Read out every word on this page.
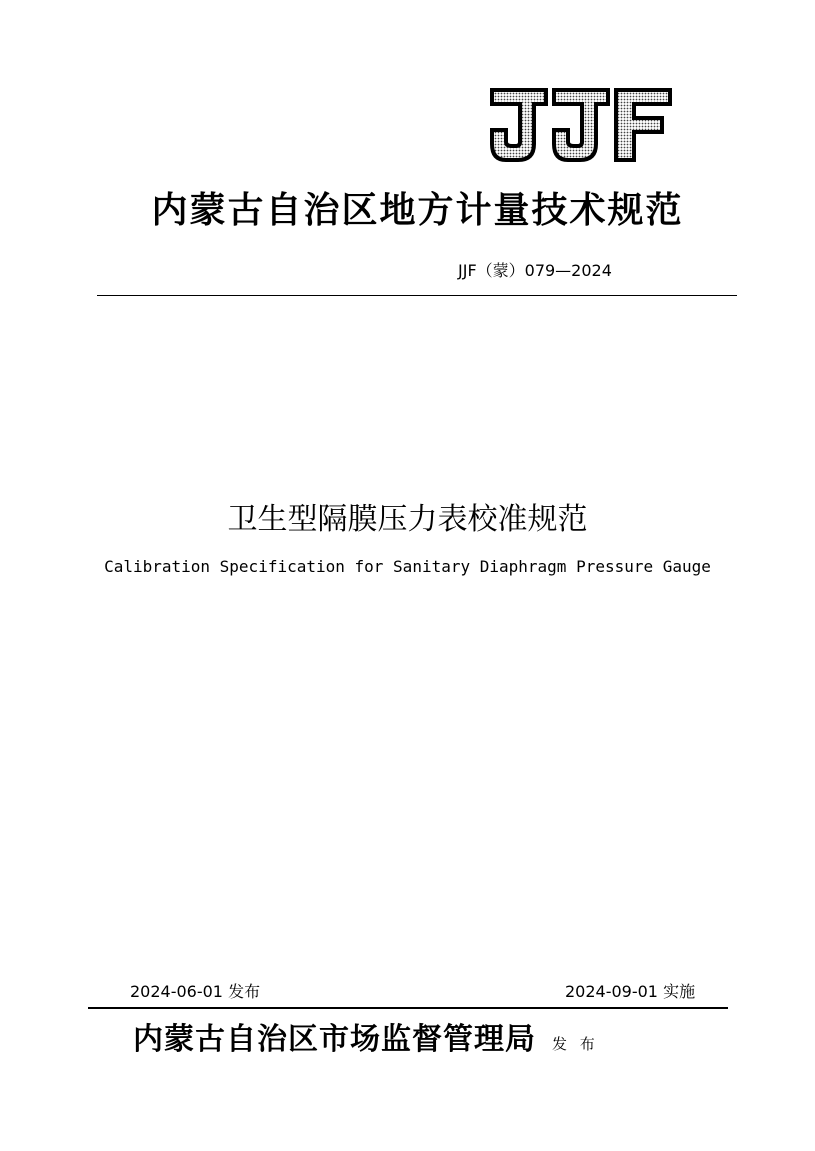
内蒙古自治区地方计量技术规范
JJF（蒙）079—2024
卫生型隔膜压力表校准规范
Calibration Specification for Sanitary Diaphragm Pressure Gauge
2024-06-01 发布	2024-09-01 实施
内蒙古自治区市场监督管理局 发 布
